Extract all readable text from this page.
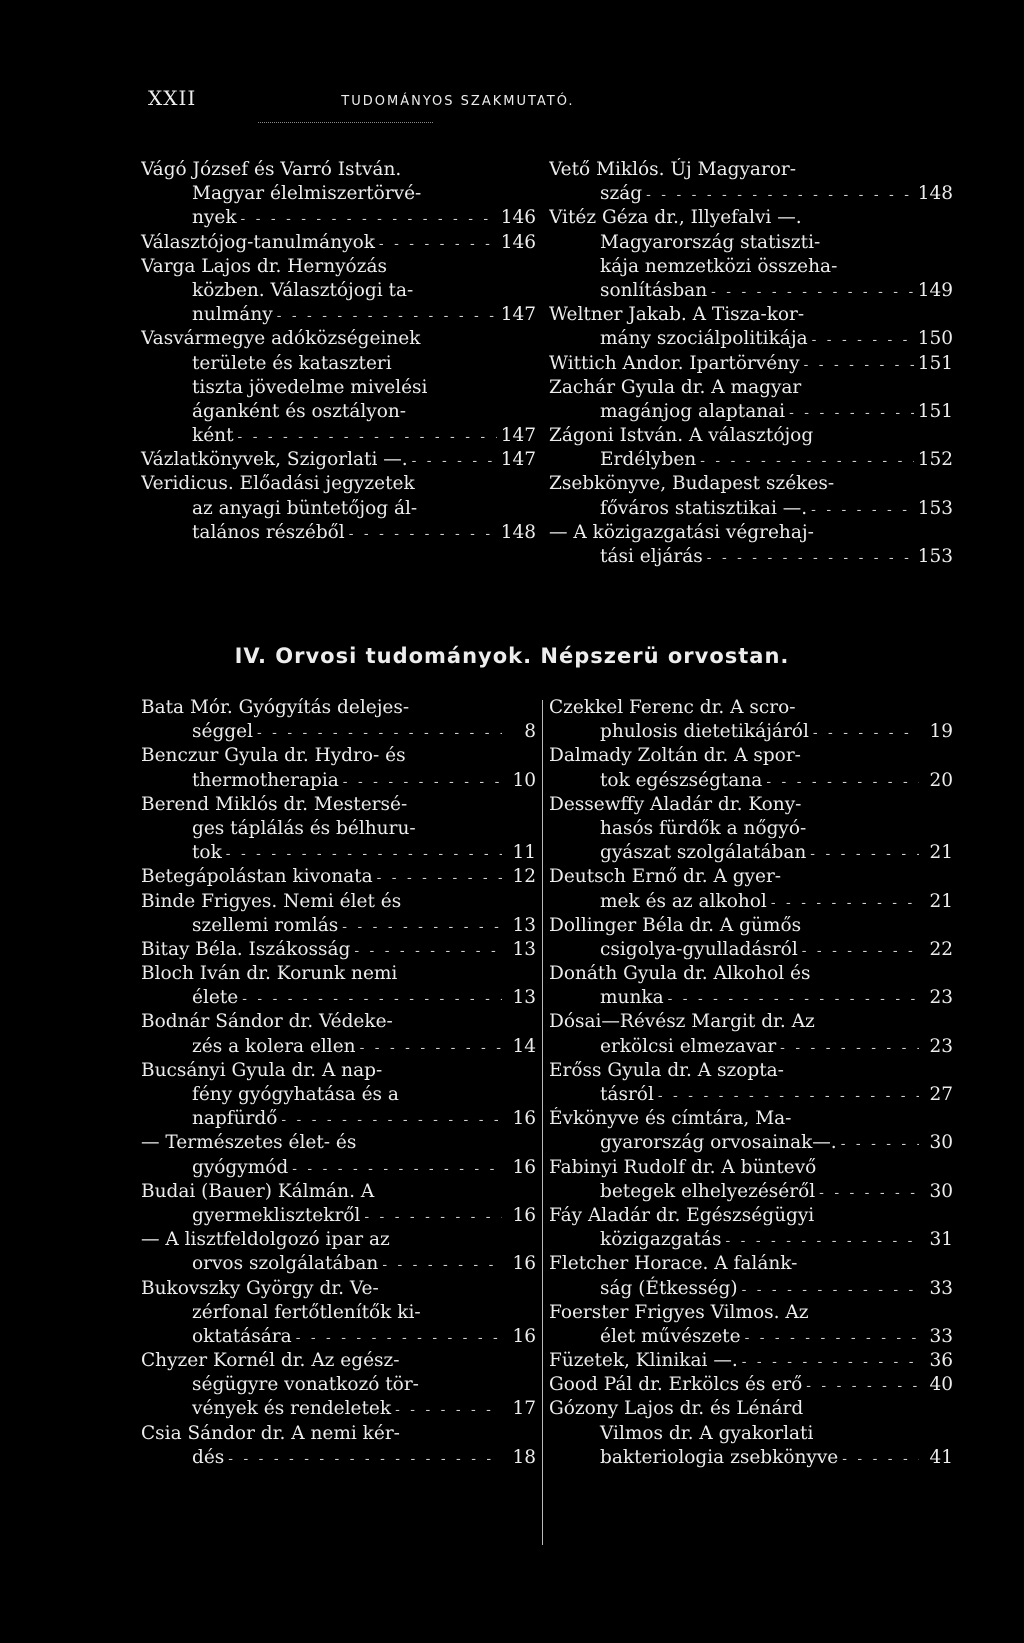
XXII	TUDOMÁNYOS SZAKMUTATÓ.
Vágó József és Varró István.
Magyar élelmiszertörvé-
nyek - - -	146
Választójog-tanulmányok - - -	146
Varga Lajos dr. Hernyózás
közben. Választójogi ta-
nulmány - - -	147
Vasvármegye adóközségeinek
területe és kataszteri
tiszta jövedelme mivelési
áganként és osztályon-
ként - - -	147
Vázlatkönyvek, Szigorlati —. - - -	147
Veridicus. Előadási jegyzetek
az anyagi büntetőjog ál-
talános részéből - - -	148
Vető Miklós. Új Magyaror-
szág - - -	148
Vitéz Géza dr., Illyefalvi —.
Magyarország statiszti-
kája nemzetközi összeha-
sonlításban - - -	149
Weltner Jakab. A Tisza-kor-
mány szociálpolitikája - - -	150
Wittich Andor. Ipartörvény - - -	151
Zachár Gyula dr. A magyar
magánjog alaptanai - - -	151
Zágoni István. A választójog
Erdélyben - - -	152
Zsebkönyve, Budapest székes-
főváros statisztikai —. - - -	153
— A közigazgatási végrehaj-
tási eljárás - - -	153
IV. Orvosi tudományok. Népszerü orvostan.
Bata Mór. Gyógyítás delejes-
séggel - - -	8
Benczur Gyula dr. Hydro- és
thermotherapia - - -	10
Berend Miklós dr. Mestersé-
ges táplálás és bélhuru-
tok - - -	11
Betegápolástan kivonata - - -	12
Binde Frigyes. Nemi élet és
szellemi romlás - - -	13
Bitay Béla. Iszákosság - - -	13
Bloch Iván dr. Korunk nemi
élete - - -	13
Bodnár Sándor dr. Védeke-
zés a kolera ellen - - -	14
Bucsányi Gyula dr. A nap-
fény gyógyhatása és a
napfürdő - - -	16
— Természetes élet- és
gyógymód - - -	16
Budai (Bauer) Kálmán. A
gyermeklisztekről - - -	16
— A lisztfeldolgozó ipar az
orvos szolgálatában - - -	16
Bukovszky György dr. Ve-
zérfonal fertőtlenítők ki-
oktatására - - -	16
Chyzer Kornél dr. Az egész-
ségügyre vonatkozó tör-
vények és rendeletek - - -	17
Csia Sándor dr. A nemi kér-
dés - - -	18
Czekkel Ferenc dr. A scro-
phulosis dietetikájáról - - -	19
Dalmady Zoltán dr. A spor-
tok egészségtana - - -	20
Dessewffy Aladár dr. Kony-
hasós fürdők a nőgyó-
gyászat szolgálatában - - -	21
Deutsch Ernő dr. A gyer-
mek és az alkohol - - -	21
Dollinger Béla dr. A gümős
csigolya-gyulladásról - - -	22
Donáth Gyula dr. Alkohol és
munka - - -	23
Dósai—Révész Margit dr. Az
erkölcsi elmezavar - - -	23
Erőss Gyula dr. A szopta-
tásról - - -	27
Évkönyve és címtára, Ma-
gyarország orvosainak—. - - -	30
Fabinyi Rudolf dr. A büntevő
betegek elhelyezéséről - - -	30
Fáy Aladár dr. Egészségügyi
közigazgatás - - -	31
Fletcher Horace. A falánk-
ság (Étkesség) - - -	33
Foerster Frigyes Vilmos. Az
élet művészete - - -	33
Füzetek, Klinikai —. - - -	36
Good Pál dr. Erkölcs és erő - - -	40
Gózony Lajos dr. és Lénárd
Vilmos dr. A gyakorlati
bakteriologia zsebkönyve - - -	41
